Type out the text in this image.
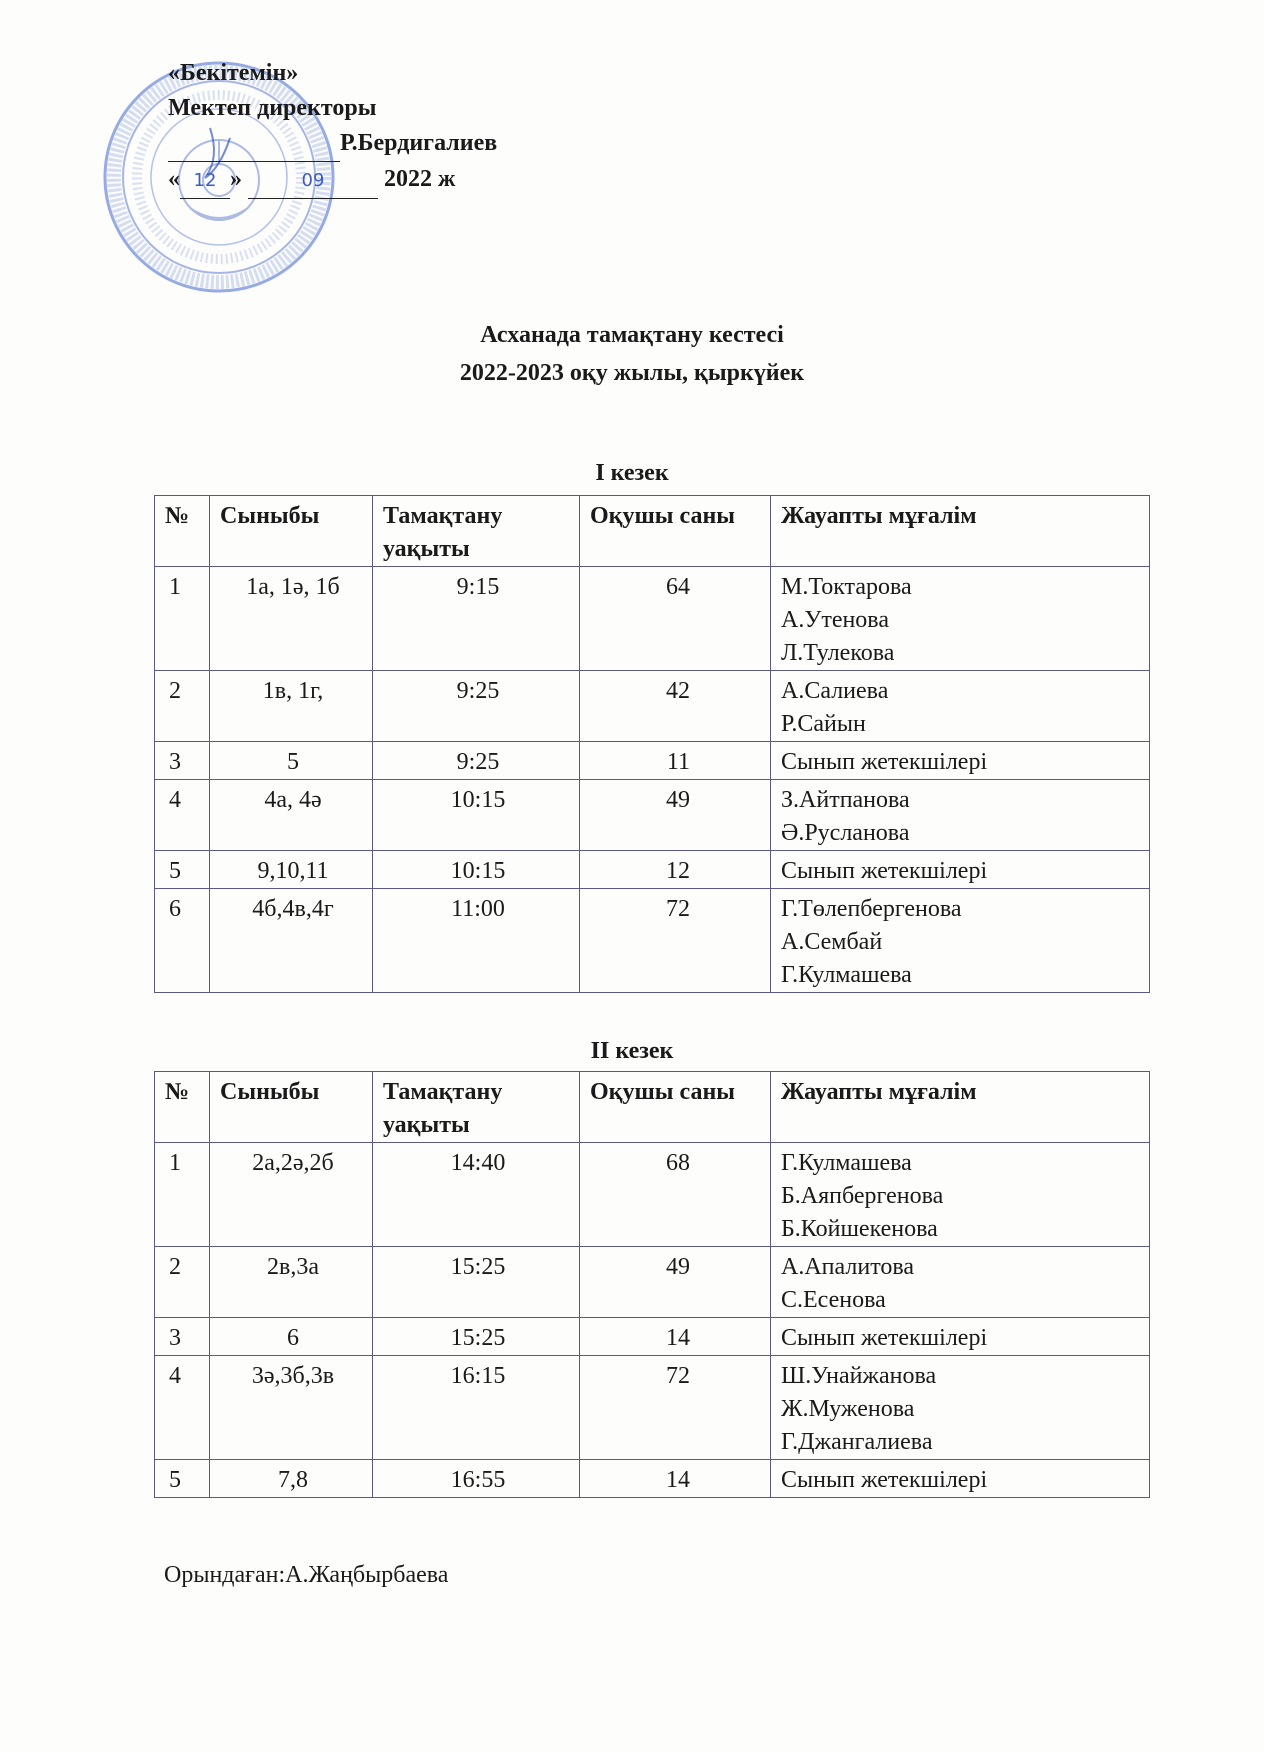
«Бекітемін»
Мектеп директоры
Р.Бердигалиев
« 12 »	09 2022 ж
Асханада тамақтану кестесі
2022-2023 оқу жылы, қыркүйек
І кезек
№	Сыныбы	Тамақтану уақыты	Оқушы саны	Жауапты мұғалім
1	1а, 1ә, 1б	9:15	64	М.Токтарова
А.Утенова
Л.Тулекова
2	1в, 1г,	9:25	42	А.Салиева
Р.Сайын
3	5	9:25	11	Сынып жетекшілері
4	4а, 4ә	10:15	49	З.Айтпанова
Ә.Русланова
5	9,10,11	10:15	12	Сынып жетекшілері
6	4б,4в,4г	11:00	72	Г.Төлепбергенова
А.Сембай
Г.Кулмашева
ІІ кезек
№	Сыныбы	Тамақтану уақыты	Оқушы саны	Жауапты мұғалім
1	2а,2ә,2б	14:40	68	Г.Кулмашева
Б.Аяпбергенова
Б.Койшекенова
2	2в,3а	15:25	49	А.Апалитова
С.Есенова
3	6	15:25	14	Сынып жетекшілері
4	3ә,3б,3в	16:15	72	Ш.Унайжанова
Ж.Муженова
Г.Джангалиева
5	7,8	16:55	14	Сынып жетекшілері
Орындаған:А.Жаңбырбаева
